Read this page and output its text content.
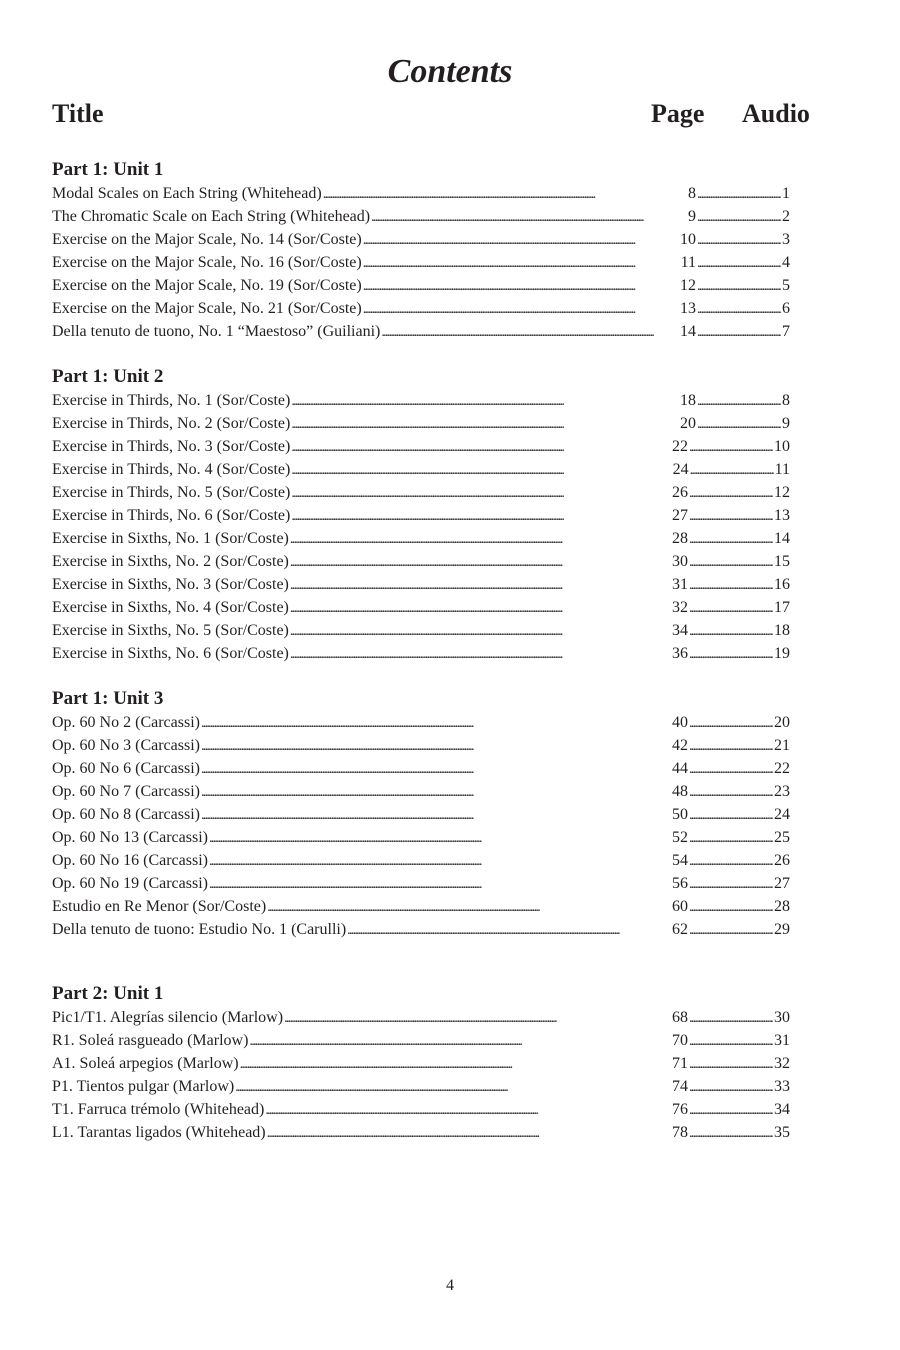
Contents
Title	Page Audio
Part 1: Unit 1
Modal Scales on Each String (Whitehead) . . .	8 . . .	1
The Chromatic Scale on Each String (Whitehead) . . .	9 . . .	2
Exercise on the Major Scale, No. 14 (Sor/Coste) . . .	10 . . .	3
Exercise on the Major Scale, No. 16 (Sor/Coste) . . .	11 . . .	4
Exercise on the Major Scale, No. 19 (Sor/Coste) . . .	12 . . .	5
Exercise on the Major Scale, No. 21 (Sor/Coste) . . .	13 . . .	6
Della tenuto de tuono, No. 1 “Maestoso” (Guiliani) . . .	14 . . .	7
Part 1: Unit 2
Exercise in Thirds, No. 1 (Sor/Coste) . . .	18 . . .	8
Exercise in Thirds, No. 2 (Sor/Coste) . . .	20 . . .	9
Exercise in Thirds, No. 3 (Sor/Coste) . . .	22 . . .	10
Exercise in Thirds, No. 4 (Sor/Coste) . . .	24 . . .	11
Exercise in Thirds, No. 5 (Sor/Coste) . . .	26 . . .	12
Exercise in Thirds, No. 6 (Sor/Coste) . . .	27 . . .	13
Exercise in Sixths, No. 1 (Sor/Coste) . . .	28 . . .	14
Exercise in Sixths, No. 2 (Sor/Coste) . . .	30 . . .	15
Exercise in Sixths, No. 3 (Sor/Coste) . . .	31 . . .	16
Exercise in Sixths, No. 4 (Sor/Coste) . . .	32 . . .	17
Exercise in Sixths, No. 5 (Sor/Coste) . . .	34 . . .	18
Exercise in Sixths, No. 6 (Sor/Coste) . . .	36 . . .	19
Part 1: Unit 3
Op. 60 No 2 (Carcassi) . . .	40 . . .	20
Op. 60 No 3 (Carcassi) . . .	42 . . .	21
Op. 60 No 6 (Carcassi) . . .	44 . . .	22
Op. 60 No 7 (Carcassi) . . .	48 . . .	23
Op. 60 No 8 (Carcassi) . . .	50 . . .	24
Op. 60 No 13 (Carcassi) . . .	52 . . .	25
Op. 60 No 16 (Carcassi) . . .	54 . . .	26
Op. 60 No 19 (Carcassi) . . .	56 . . .	27
Estudio en Re Menor (Sor/Coste) . . .	60 . . .	28
Della tenuto de tuono: Estudio No. 1 (Carulli) . . .	62 . . .	29
Part 2: Unit 1
Pic1/T1. Alegrías silencio (Marlow) . . .	68 . . .	30
R1. Soleá rasgueado (Marlow) . . .	70 . . .	31
A1. Soleá arpegios (Marlow) . . .	71 . . .	32
P1. Tientos pulgar (Marlow) . . .	74 . . .	33
T1. Farruca trémolo (Whitehead) . . .	76 . . .	34
L1. Tarantas ligados (Whitehead) . . .	78 . . .	35
4
